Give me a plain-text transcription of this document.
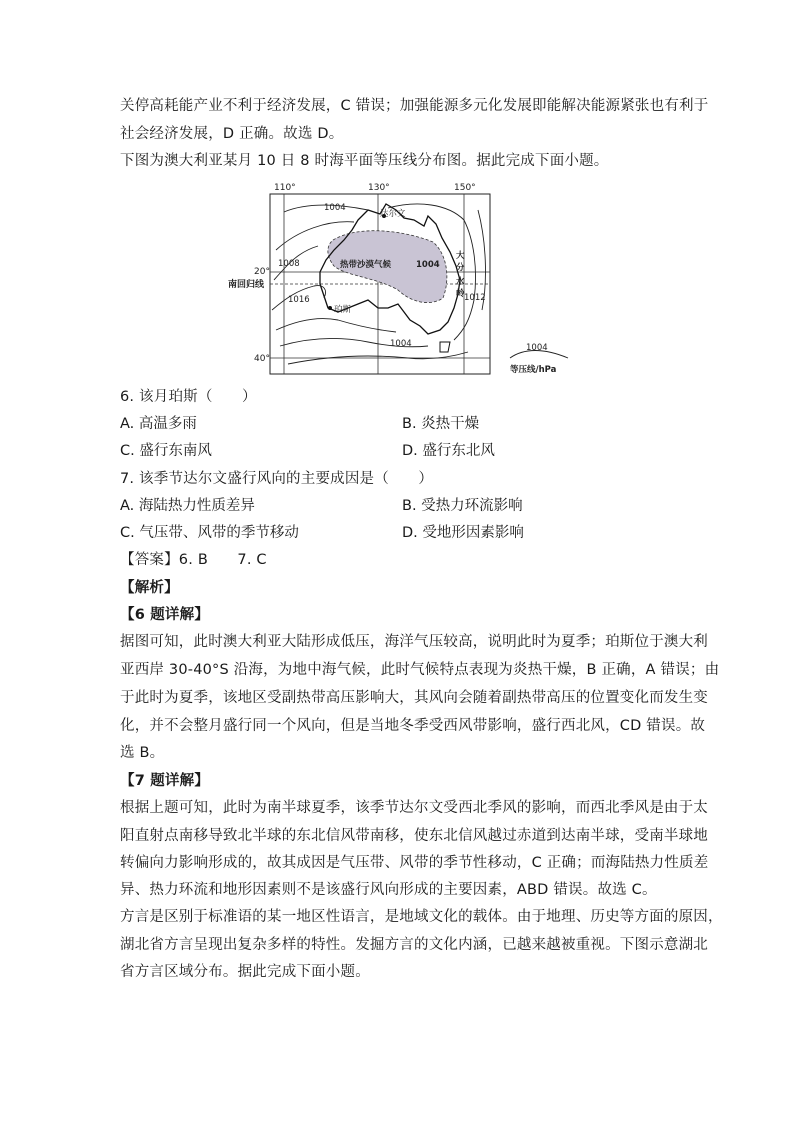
关停高耗能产业不利于经济发展，C 错误；加强能源多元化发展即能解决能源紧张也有利于
社会经济发展，D 正确。故选 D。
下图为澳大利亚某月 10 日 8 时海平面等压线分布图。据此完成下面小题。
110°	130°	150°
20°
40°
南回归线
1004
1008
1016
1004
1012
达尔文
珀斯
热带沙漠气候	1004
大
分
水
岭
1004
等压线/hPa
6. 该月珀斯（　　）
A. 高温多雨	B. 炎热干燥
C. 盛行东南风	D. 盛行东北风
7. 该季节达尔文盛行风向的主要成因是（　　）
A. 海陆热力性质差异	B. 受热力环流影响
C. 气压带、风带的季节移动	D. 受地形因素影响
【答案】6. B　　7. C
【解析】
【6 题详解】
据图可知，此时澳大利亚大陆形成低压，海洋气压较高，说明此时为夏季；珀斯位于澳大利
亚西岸 30-40°S 沿海，为地中海气候，此时气候特点表现为炎热干燥，B 正确，A 错误；由
于此时为夏季，该地区受副热带高压影响大，其风向会随着副热带高压的位置变化而发生变
化，并不会整月盛行同一个风向，但是当地冬季受西风带影响，盛行西北风，CD 错误。故
选 B。
【7 题详解】
根据上题可知，此时为南半球夏季，该季节达尔文受西北季风的影响，而西北季风是由于太
阳直射点南移导致北半球的东北信风带南移，使东北信风越过赤道到达南半球，受南半球地
转偏向力影响形成的，故其成因是气压带、风带的季节性移动，C 正确；而海陆热力性质差
异、热力环流和地形因素则不是该盛行风向形成的主要因素，ABD 错误。故选 C。
方言是区别于标准语的某一地区性语言，是地域文化的载体。由于地理、历史等方面的原因，
湖北省方言呈现出复杂多样的特性。发掘方言的文化内涵，已越来越被重视。下图示意湖北
省方言区域分布。据此完成下面小题。
